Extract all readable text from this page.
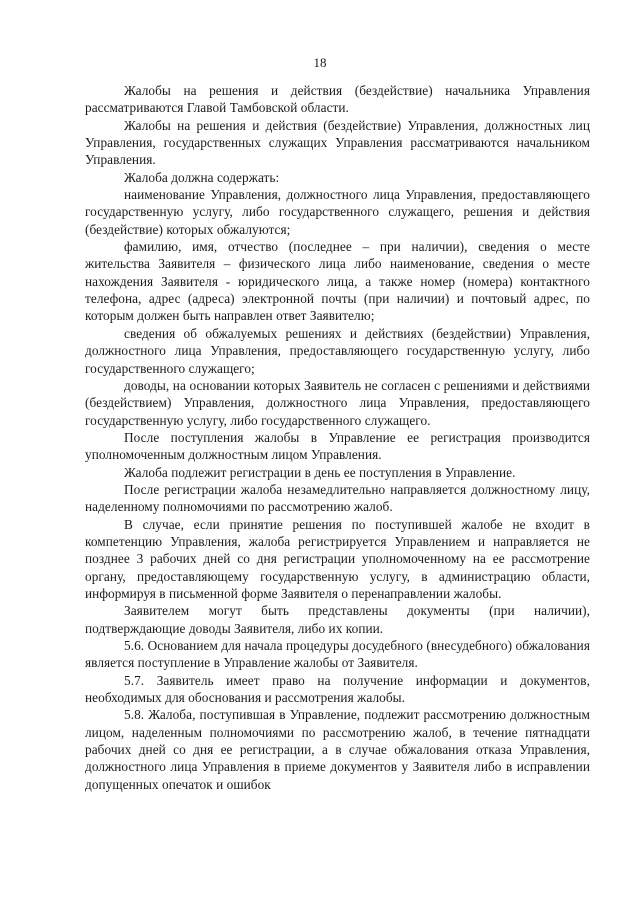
18

Жалобы на решения и действия (бездействие) начальника Управления рассматриваются Главой Тамбовской области.

Жалобы на решения и действия (бездействие) Управления, должностных лиц Управления, государственных служащих Управления рассматриваются начальником Управления.

Жалоба должна содержать:

наименование Управления, должностного лица Управления, предоставляющего государственную услугу, либо государственного служащего, решения и действия (бездействие) которых обжалуются;

фамилию, имя, отчество (последнее – при наличии), сведения о месте жительства Заявителя – физического лица либо наименование, сведения о месте нахождения Заявителя - юридического лица, а также номер (номера) контактного телефона, адрес (адреса) электронной почты (при наличии) и почтовый адрес, по которым должен быть направлен ответ Заявителю;

сведения об обжалуемых решениях и действиях (бездействии) Управления, должностного лица Управления, предоставляющего государственную услугу, либо государственного служащего;

доводы, на основании которых Заявитель не согласен с решениями и действиями (бездействием) Управления, должностного лица Управления, предоставляющего государственную услугу, либо государственного служащего.

После поступления жалобы в Управление ее регистрация производится уполномоченным должностным лицом Управления.

Жалоба подлежит регистрации в день ее поступления в Управление.

После регистрации жалоба незамедлительно направляется должностному лицу, наделенному полномочиями по рассмотрению жалоб.

В случае, если принятие решения по поступившей жалобе не входит в компетенцию Управления, жалоба регистрируется Управлением и направляется не позднее 3 рабочих дней со дня регистрации уполномоченному на ее рассмотрение органу, предоставляющему государственную услугу, в администрацию области, информируя в письменной форме Заявителя о перенаправлении жалобы.

Заявителем могут быть представлены документы (при наличии), подтверждающие доводы Заявителя, либо их копии.

5.6. Основанием для начала процедуры досудебного (внесудебного) обжалования является поступление в Управление жалобы от Заявителя.

5.7. Заявитель имеет право на получение информации и документов, необходимых для обоснования и рассмотрения жалобы.

5.8. Жалоба, поступившая в Управление, подлежит рассмотрению должностным лицом, наделенным полномочиями по рассмотрению жалоб, в течение пятнадцати рабочих дней со дня ее регистрации, а в случае обжалования отказа Управления, должностного лица Управления в приеме документов у Заявителя либо в исправлении допущенных опечаток и ошибок
